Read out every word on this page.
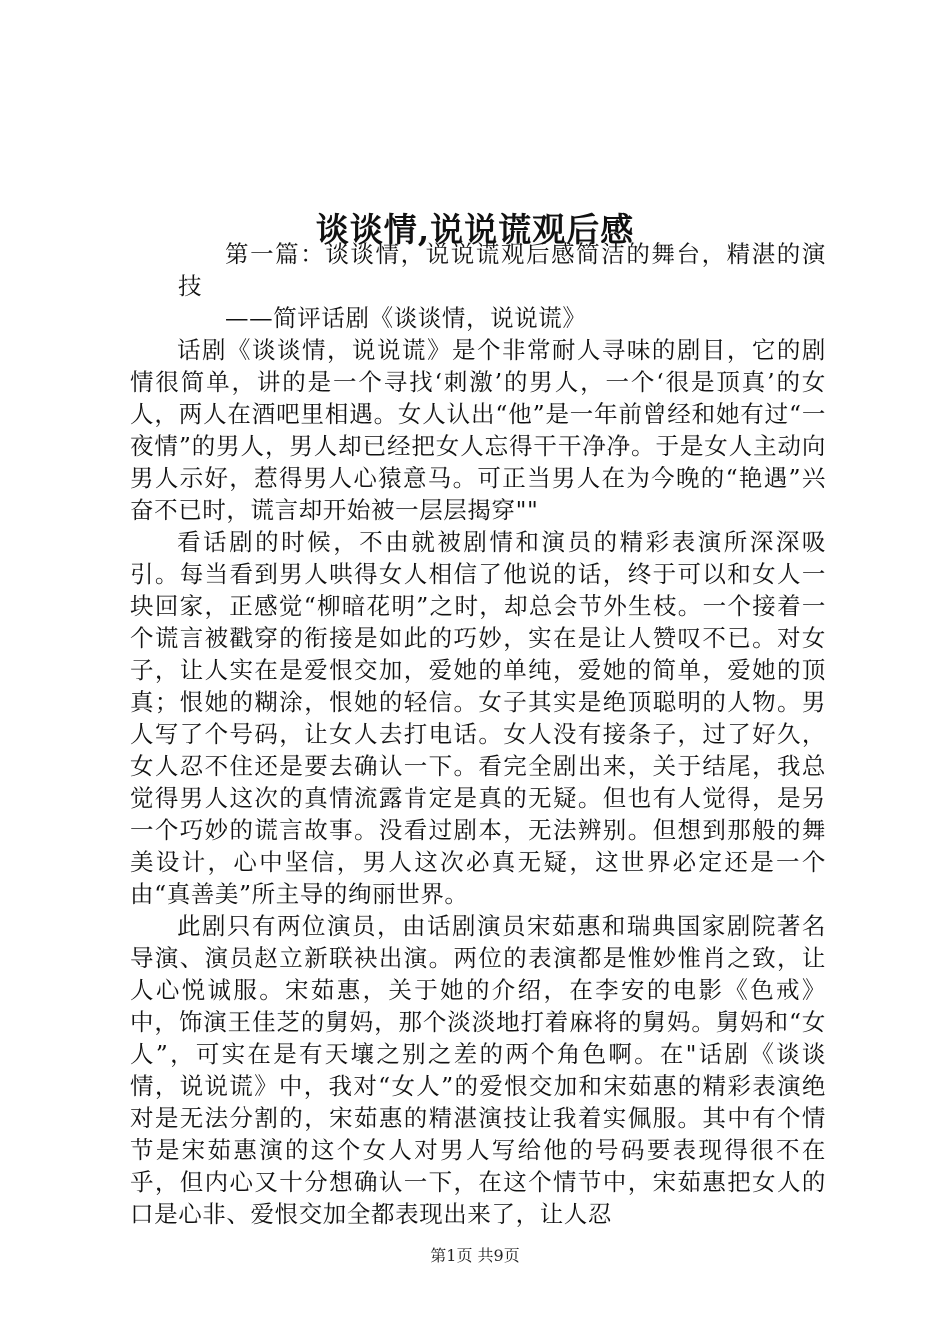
谈谈情,说说谎观后感

第一篇：谈谈情，说说谎观后感简洁的舞台，精湛的演技

——简评话剧《谈谈情，说说谎》

话剧《谈谈情，说说谎》是个非常耐人寻味的剧目，它的剧情很简单，讲的是一个寻找‘刺激’的男人，一个‘很是顶真’的女人，两人在酒吧里相遇。女人认出“他”是一年前曾经和她有过“一夜情”的男人，男人却已经把女人忘得干干净净。于是女人主动向男人示好，惹得男人心猿意马。可正当男人在为今晚的“艳遇”兴奋不已时，谎言却开始被一层层揭穿""

看话剧的时候，不由就被剧情和演员的精彩表演所深深吸引。每当看到男人哄得女人相信了他说的话，终于可以和女人一块回家，正感觉“柳暗花明”之时，却总会节外生枝。一个接着一个谎言被戳穿的衔接是如此的巧妙，实在是让人赞叹不已。对女子，让人实在是爱恨交加，爱她的单纯，爱她的简单，爱她的顶真；恨她的糊涂，恨她的轻信。女子其实是绝顶聪明的人物。男人写了个号码，让女人去打电话。女人没有接条子，过了好久，女人忍不住还是要去确认一下。看完全剧出来，关于结尾，我总觉得男人这次的真情流露肯定是真的无疑。但也有人觉得，是另一个巧妙的谎言故事。没看过剧本，无法辨别。但想到那般的舞美设计，心中坚信，男人这次必真无疑，这世界必定还是一个由“真善美”所主导的绚丽世界。

此剧只有两位演员，由话剧演员宋茹惠和瑞典国家剧院著名导演、演员赵立新联袂出演。两位的表演都是惟妙惟肖之致，让人心悦诚服。宋茹惠，关于她的介绍，在李安的电影《色戒》中，饰演王佳芝的舅妈，那个淡淡地打着麻将的舅妈。舅妈和“女人”，可实在是有天壤之别之差的两个角色啊。在"话剧《谈谈情，说说谎》中，我对“女人”的爱恨交加和宋茹惠的精彩表演绝对是无法分割的，宋茹惠的精湛演技让我着实佩服。其中有个情节是宋茹惠演的这个女人对男人写给他的号码要表现得很不在乎，但内心又十分想确认一下，在这个情节中，宋茹惠把女人的口是心非、爱恨交加全都表现出来了，让人忍

第1页 共9页
